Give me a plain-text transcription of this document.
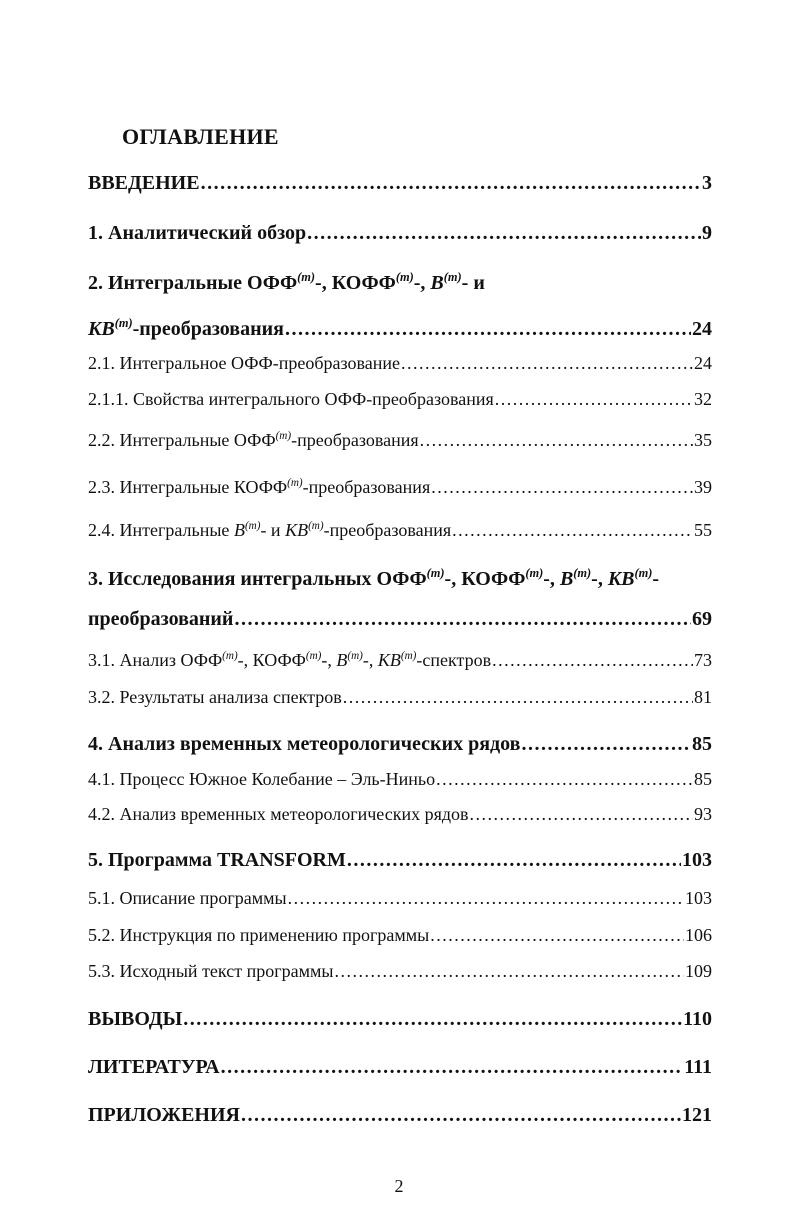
ОГЛАВЛЕНИЕ
ВВЕДЕНИЕ .....	3
1. Аналитический обзор .....	9
2. Интегральные ОФФ$^{(m)}$-, КОФФ$^{(m)}$-, $B^{(m)}-$ и
KB$^{(m)}$-преобразования .....	24
2.1. Интегральное ОФФ-преобразование .....	24
2.1.1. Свойства интегрального ОФФ-преобразования .....	32
2.2. Интегральные ОФФ$^{(m)}$-преобразования .....	35
2.3. Интегральные КОФФ$^{(m)}$-преобразования .....	39
2.4. Интегральные $B^{(m)}-$ и KB$^{(m)}$-преобразования .....	55
3. Исследования интегральных ОФФ$^{(m)}$-, КОФФ$^{(m)}$-, $B^{(m)}-$, KB$^{(m)}$-
преобразований .....	69
3.1. Анализ ОФФ$^{(m)}$-, КОФФ$^{(m)}$-, $B^{(m)}-$, KB$^{(m)}$-спектров .....	73
3.2. Результаты анализа спектров .....	81
4. Анализ временных метеорологических рядов .....	85
4.1. Процесс Южное Колебание – Эль-Ниньо .....	85
4.2. Анализ временных метеорологических рядов .....	93
5. Программа TRANSFORM .....	103
5.1. Описание программы .....	103
5.2. Инструкция по применению программы .....	106
5.3. Исходный текст программы .....	109
ВЫВОДЫ .....	110
ЛИТЕРАТУРА .....	111
ПРИЛОЖЕНИЯ .....	121
2
